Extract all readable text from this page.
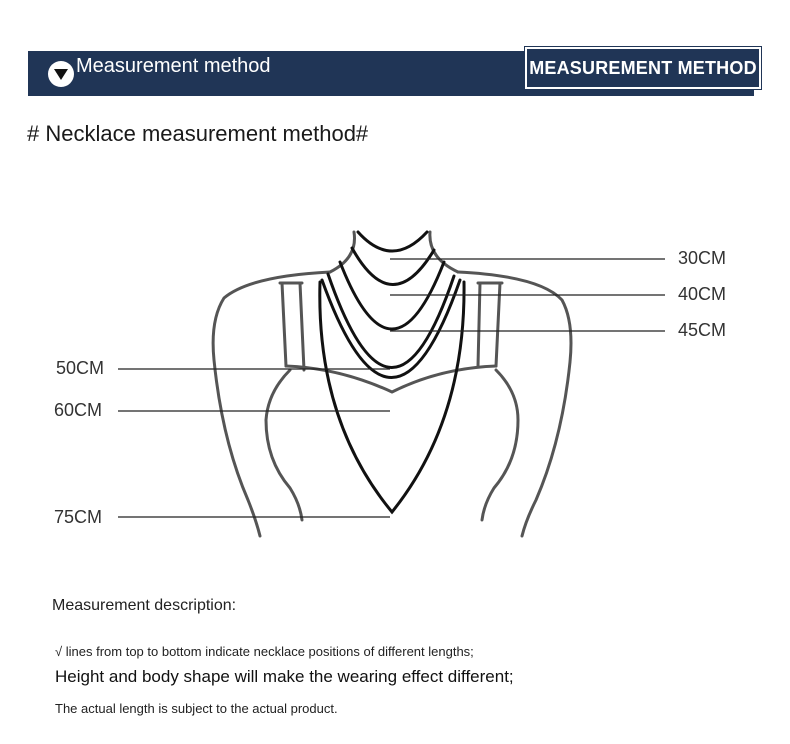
Measurement method	MEASUREMENT METHOD
# Necklace measurement method#
30CM
40CM
45CM
50CM
60CM
75CM
Measurement description:
√ lines from top to bottom indicate necklace positions of different lengths;
Height and body shape will make the wearing effect different;
The actual length is subject to the actual product.
